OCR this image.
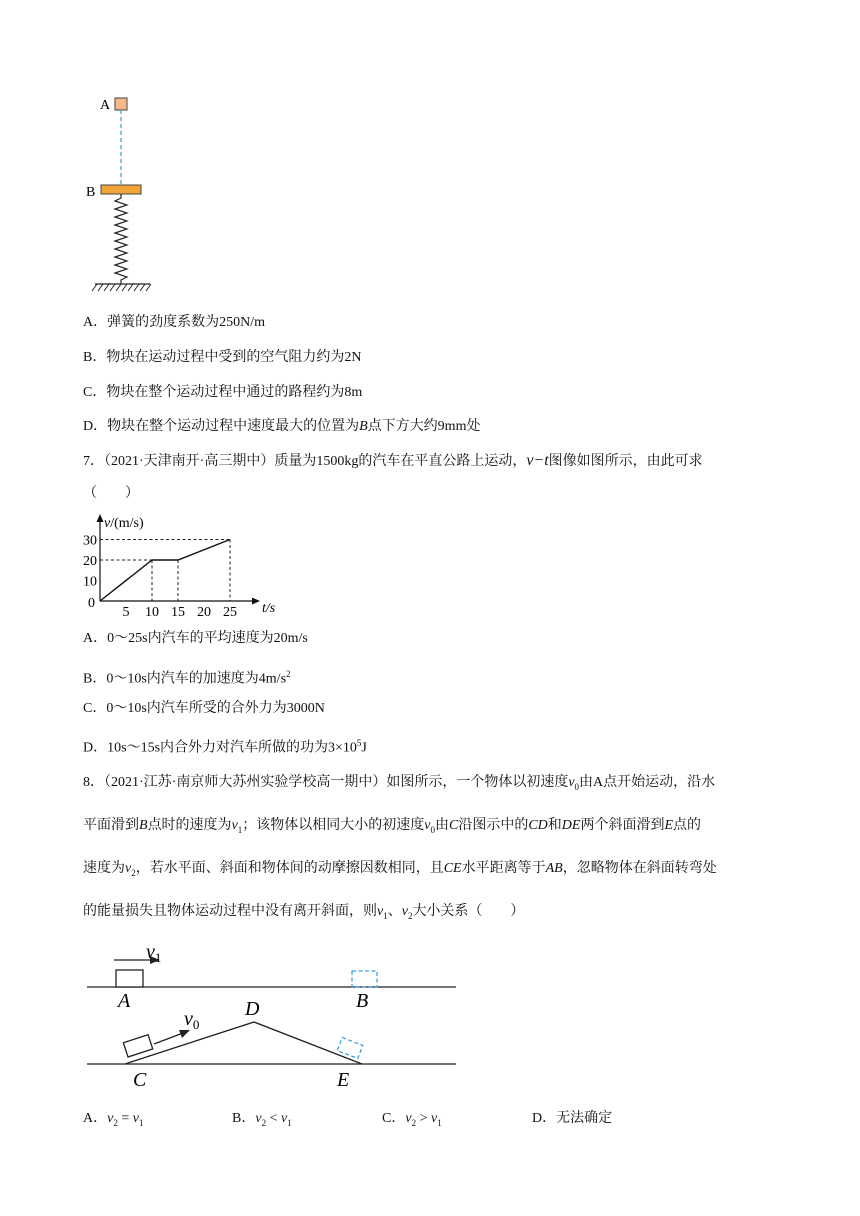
A
B
A．弹簧的劲度系数为250N/m
B．物块在运动过程中受到的空气阻力约为2N
C．物块在整个运动过程中通过的路程约为8m
D．物块在整个运动过程中速度最大的位置为B点下方大约9mm处
7．（2021·天津南开·高三期中）质量为1500kg的汽车在平直公路上运动，v−t图像如图所示，由此可求
（　　）
5 10 15 20 25
10
20
30
t/s
v/(m/s)
0
A．0～25s内汽车的平均速度为20m/s
B．0～10s内汽车的加速度为$4m/s^2$
C．0～10s内汽车所受的合外力为3000N
D．10s～15s内合外力对汽车所做的功为$3\times 10^5J$
8．（2021·江苏·南京师大苏州实验学校高一期中）如图所示，一个物体以初速度$v_0$由A点开始运动，沿水
平面滑到B点时的速度为$v_1$；该物体以相同大小的初速度$v_0$由C沿图示中的CD和DE两个斜面滑到E点的
速度为$v_2$，若水平面、斜面和物体间的动摩擦因数相同，且CE水平距离等于AB，忽略物体在斜面转弯处
的能量损失且物体运动过程中没有离开斜面，则$v_1$、$v_2$大小关系（　　）
$v_1$
A	B
$v_0$
D
C	E
A．$v_2 = v_1$	B．$v_2 < v_1$	C．$v_2 > v_1$	D．无法确定
